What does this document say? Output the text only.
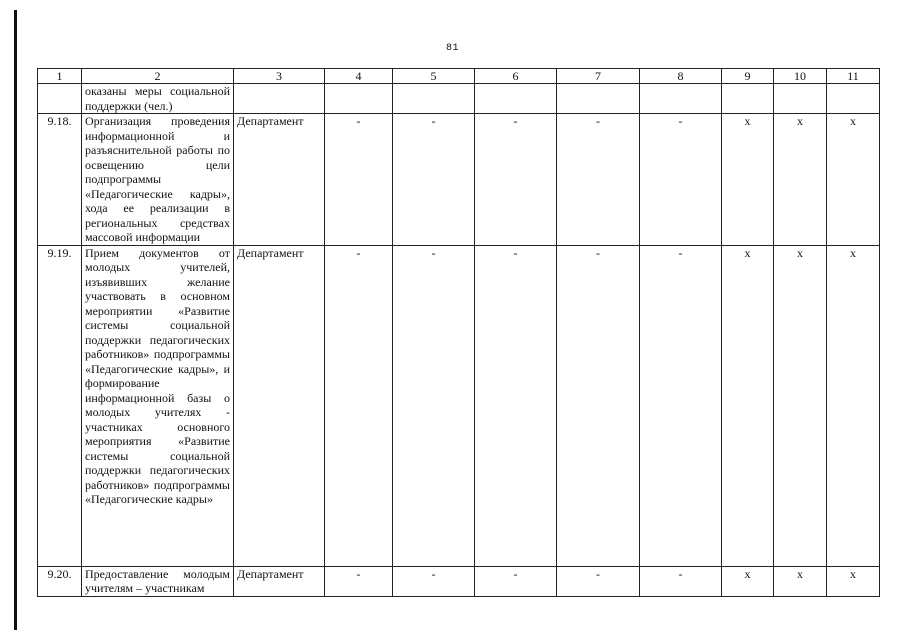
81
1	2	3	4	5	6	7	8	9	10	11
	оказаны меры социальной поддержки (чел.)									
9.18.	Организация проведения информационной и разъяснительной работы по освещению цели подпрограммы «Педагогические кадры», хода ее реализации в региональных средствах массовой информации	Департамент	-	-	-	-	-	x	x	x
9.19.	Прием документов от молодых учителей, изъявивших желание участвовать в основном мероприятии «Развитие системы социальной поддержки педагогических работников» подпрограммы «Педагогические кадры», и формирование информационной базы о молодых учителях - участниках основного мероприятия «Развитие системы социальной поддержки педагогических работников» подпрограммы «Педагогические кадры»	Департамент	-	-	-	-	-	x	x	x
9.20.	Предоставление молодым учителям – участникам	Департамент	-	-	-	-	-	x	x	x
